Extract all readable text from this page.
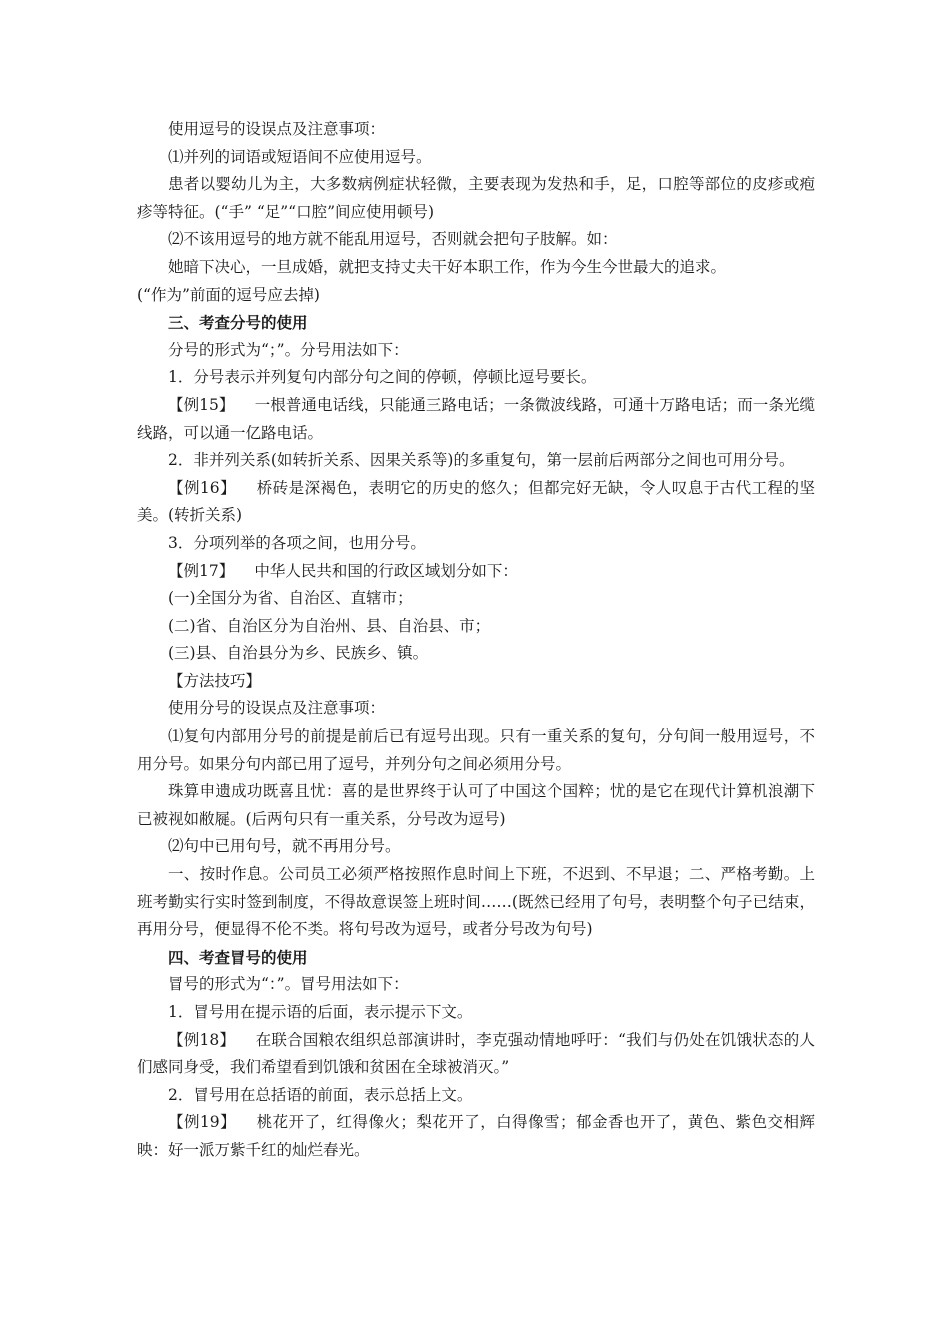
使用逗号的设误点及注意事项：

⑴并列的词语或短语间不应使用逗号。

患者以婴幼儿为主，大多数病例症状轻微，主要表现为发热和手，足，口腔等部位的皮疹或疱疹等特征。(“手” “足”“口腔”间应使用顿号)

⑵不该用逗号的地方就不能乱用逗号，否则就会把句子肢解。如：

她暗下决心，一旦成婚，就把支持丈夫干好本职工作，作为今生今世最大的追求。

(“作为”前面的逗号应去掉)

三、考查分号的使用

分号的形式为“；”。分号用法如下：

1．分号表示并列复句内部分句之间的停顿，停顿比逗号要长。

【例15】 一根普通电话线，只能通三路电话；一条微波线路，可通十万路电话；而一条光缆线路，可以通一亿路电话。

2．非并列关系(如转折关系、因果关系等)的多重复句，第一层前后两部分之间也可用分号。

【例16】 桥砖是深褐色，表明它的历史的悠久；但都完好无缺，令人叹息于古代工程的坚美。(转折关系)

3．分项列举的各项之间，也用分号。

【例17】 中华人民共和国的行政区域划分如下：

(一)全国分为省、自治区、直辖市；

(二)省、自治区分为自治州、县、自治县、市；

(三)县、自治县分为乡、民族乡、镇。

【方法技巧】

使用分号的设误点及注意事项：

⑴复句内部用分号的前提是前后已有逗号出现。只有一重关系的复句，分句间一般用逗号，不用分号。如果分句内部已用了逗号，并列分句之间必须用分号。

珠算申遗成功既喜且忧：喜的是世界终于认可了中国这个国粹；忧的是它在现代计算机浪潮下已被视如敝屣。(后两句只有一重关系，分号改为逗号)

⑵句中已用句号，就不再用分号。

一、按时作息。公司员工必须严格按照作息时间上下班，不迟到、不早退；二、严格考勤。上班考勤实行实时签到制度，不得故意误签上班时间……(既然已经用了句号，表明整个句子已结束，再用分号，便显得不伦不类。将句号改为逗号，或者分号改为句号)

四、考查冒号的使用

冒号的形式为“：”。冒号用法如下：

1．冒号用在提示语的后面，表示提示下文。

【例18】 在联合国粮农组织总部演讲时，李克强动情地呼吁：“我们与仍处在饥饿状态的人们感同身受，我们希望看到饥饿和贫困在全球被消灭。”

2．冒号用在总括语的前面，表示总括上文。

【例19】 桃花开了，红得像火；梨花开了，白得像雪；郁金香也开了，黄色、紫色交相辉映：好一派万紫千红的灿烂春光。
